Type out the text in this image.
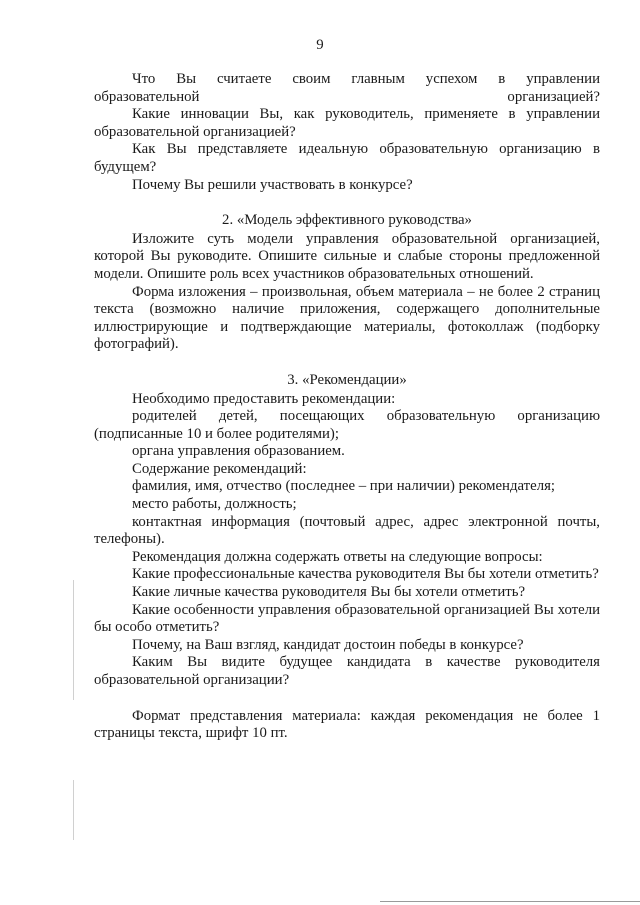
9

Что Вы считаете своим главным успехом в управлении образовательной организацией?

Какие инновации Вы, как руководитель, применяете в управлении образовательной организацией?

Как Вы представляете идеальную образовательную организацию в будущем?

Почему Вы решили участвовать в конкурсе?

2. «Модель эффективного руководства»

Изложите суть модели управления образовательной организацией, которой Вы руководите. Опишите сильные и слабые стороны предложенной модели. Опишите роль всех участников образовательных отношений.

Форма изложения – произвольная, объем материала – не более 2 страниц текста (возможно наличие приложения, содержащего дополнительные иллюстрирующие и подтверждающие материалы, фотоколлаж (подборку фотографий).

3. «Рекомендации»

Необходимо предоставить рекомендации:

родителей детей, посещающих образовательную организацию (подписанные 10 и более родителями);

органа управления образованием.

Содержание рекомендаций:

фамилия, имя, отчество (последнее – при наличии) рекомендателя;

место работы, должность;

контактная информация (почтовый адрес, адрес электронной почты, телефоны).

Рекомендация должна содержать ответы на следующие вопросы:

Какие профессиональные качества руководителя Вы бы хотели отметить?

Какие личные качества руководителя Вы бы хотели отметить?

Какие особенности управления образовательной организацией Вы хотели бы особо отметить?

Почему, на Ваш взгляд, кандидат достоин победы в конкурсе?

Каким Вы видите будущее кандидата в качестве руководителя образовательной организации?

Формат представления материала: каждая рекомендация не более 1 страницы текста, шрифт 10 пт.
